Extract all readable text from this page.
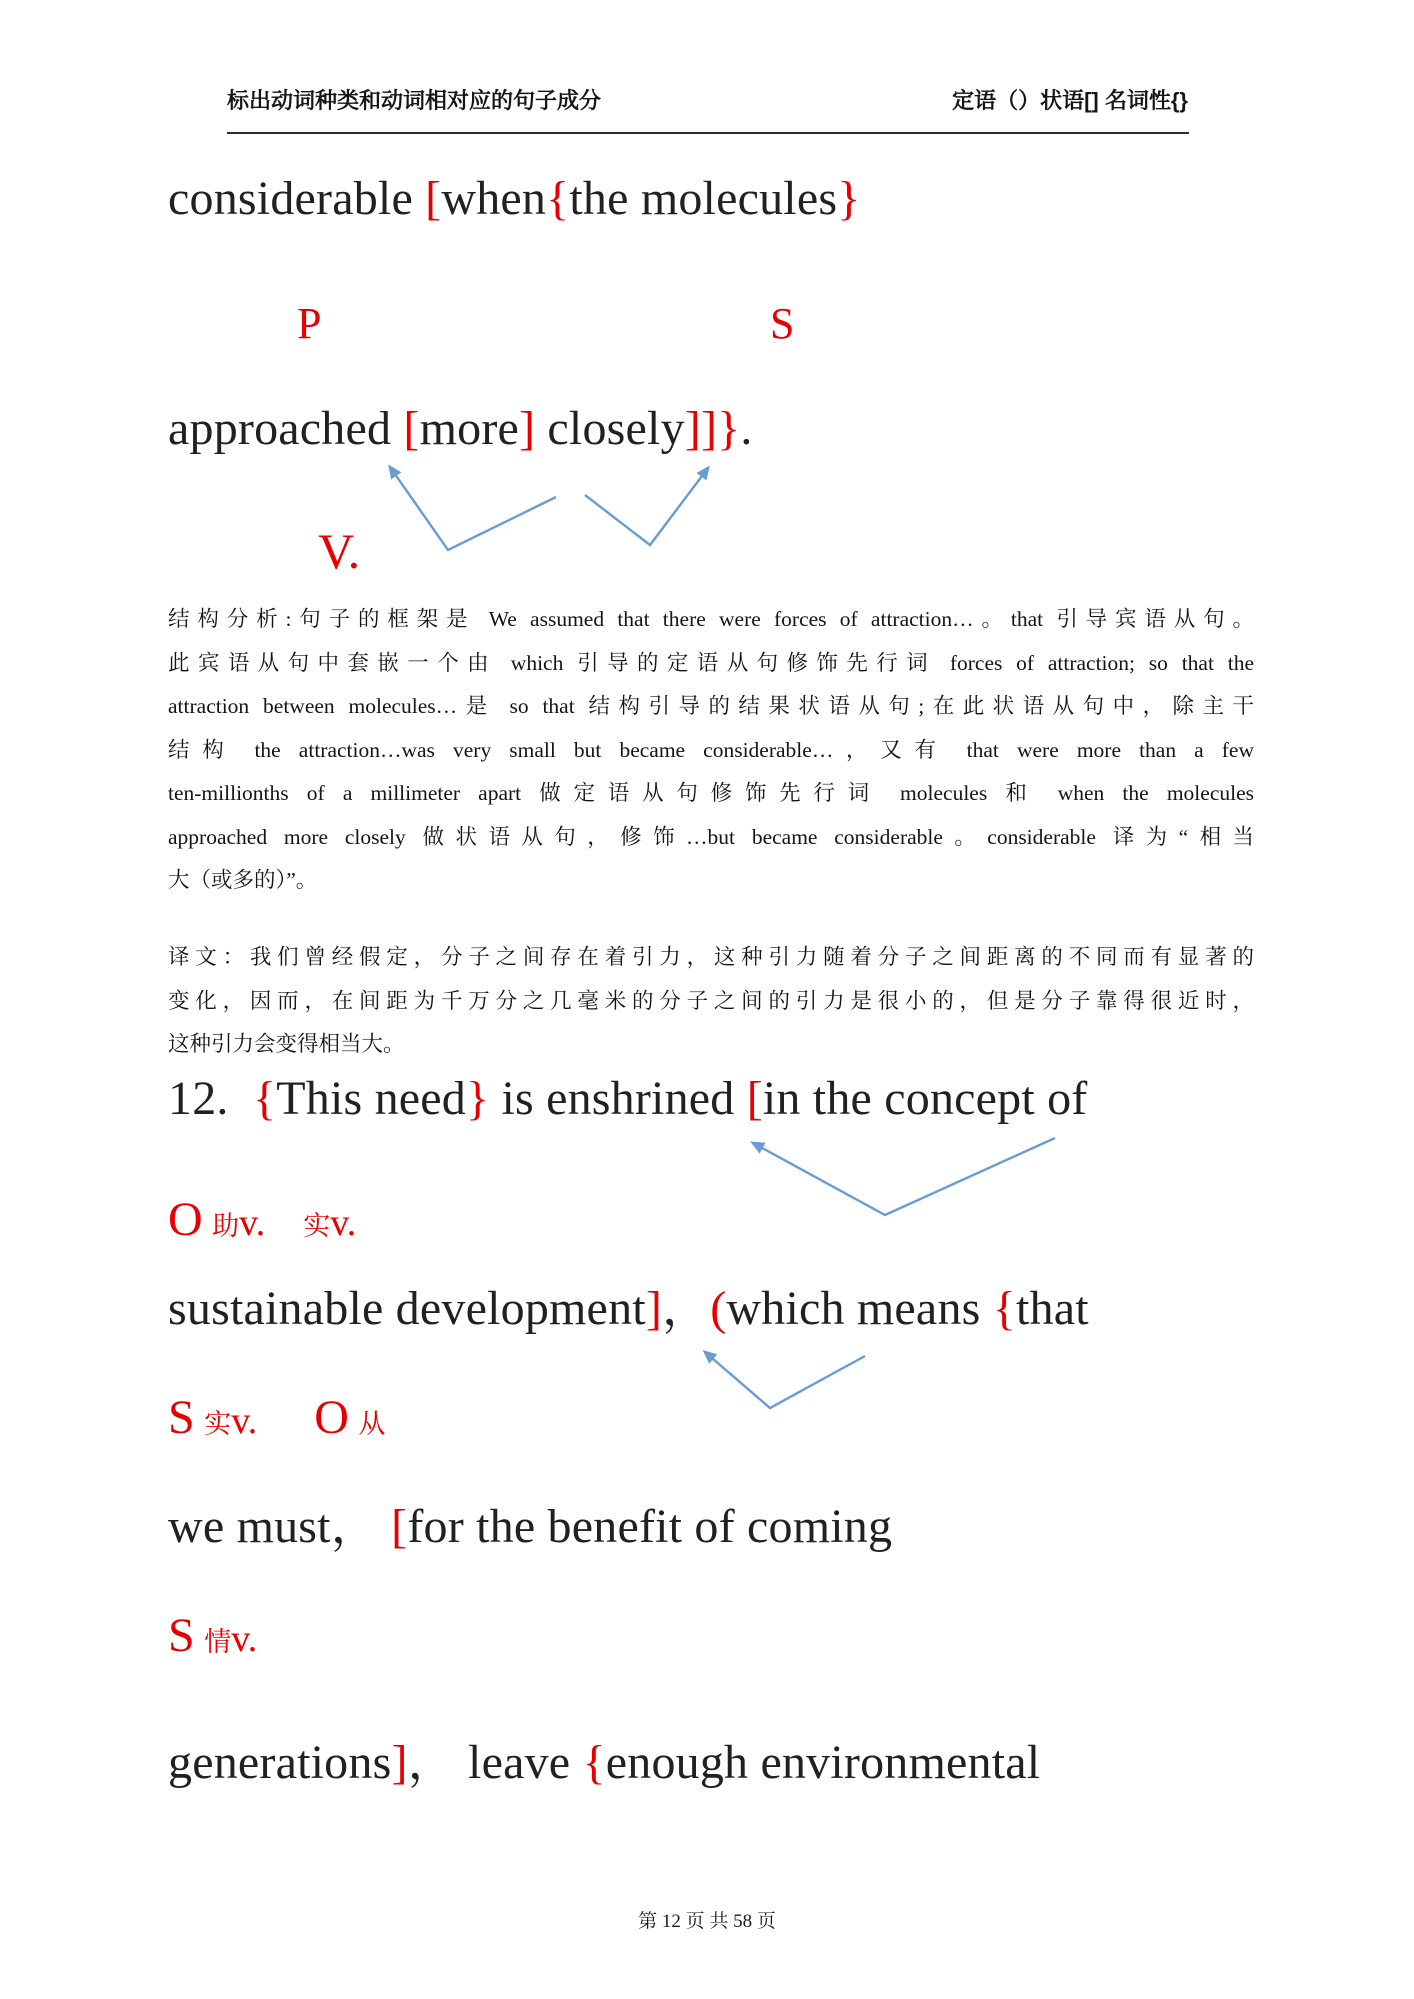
标出动词种类和动词相对应的句子成分	定语（）状语[] 名词性{}
considerable [when{the molecules}
P	S
approached [more] closely]]}.
V.
结构分析:句子的框架是 We assumed that there were forces of attraction…。that 引导宾语从句。
此宾语从句中套嵌一个由 which 引导的定语从句修饰先行词 forces of attraction; so that the
attraction between molecules…是 so that 结构引导的结果状语从句;在此状语从句中，除主干
结构 the attraction…was very small but became considerable…，又有 that were more than a few
ten-millionths of a millimeter apart 做定语从句修饰先行词 molecules 和 when the molecules
approached more closely 做状语从句，修饰…but became considerable。considerable 译为“相当
大（或多的）”。
译文：我们曾经假定，分子之间存在着引力，这种引力随着分子之间距离的不同而有显著的
变化，因而，在间距为千万分之几毫米的分子之间的引力是很小的，但是分子靠得很近时，
这种引力会变得相当大。
12.  {This need} is enshrined [in the concept of
O 助v. 实v.
sustainable development]，(which means {that
S 实v. O 从
we must， [for the benefit of coming
S 情v.
generations]， leave {enough environmental
第 12 页 共 58 页
